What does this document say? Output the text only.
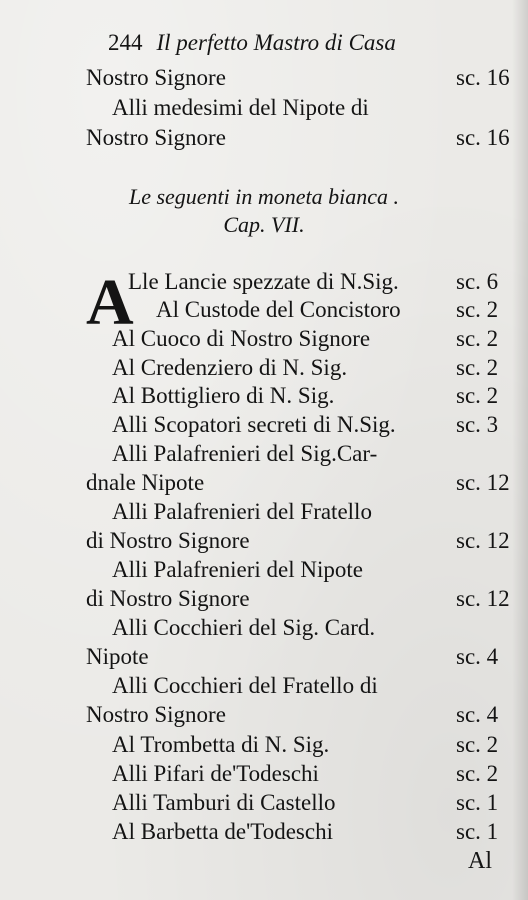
244 Il perfetto Mastro di Casa
Nostro Signore	sc. 16
Alli medesimi del Nipote di
Nostro Signore	sc. 16
Le seguenti in moneta bianca .
Cap. VII.
A
Lle Lancie spezzate di N.Sig. sc. 6
Al Custode del Concistoro sc. 2
Al Cuoco di Nostro Signore	sc. 2
Al Credenziero di N. Sig.	sc. 2
Al Bottigliero di N. Sig.	sc. 2
Alli Scopatori secreti di N.Sig.	sc. 3
Alli Palafrenieri del Sig.Car-
dnale Nipote	sc. 12
Alli Palafrenieri del Fratello
di Nostro Signore	sc. 12
Alli Palafrenieri del Nipote
di Nostro Signore	sc. 12
Alli Cocchieri del Sig. Card.
Nipote	sc. 4
Alli Cocchieri del Fratello di
Nostro Signore	sc. 4
Al Trombetta di N. Sig.	sc. 2
Alli Pifari de'Todeschi	sc. 2
Alli Tamburi di Castello	sc. 1
Al Barbetta de'Todeschi	sc. 1
Al
